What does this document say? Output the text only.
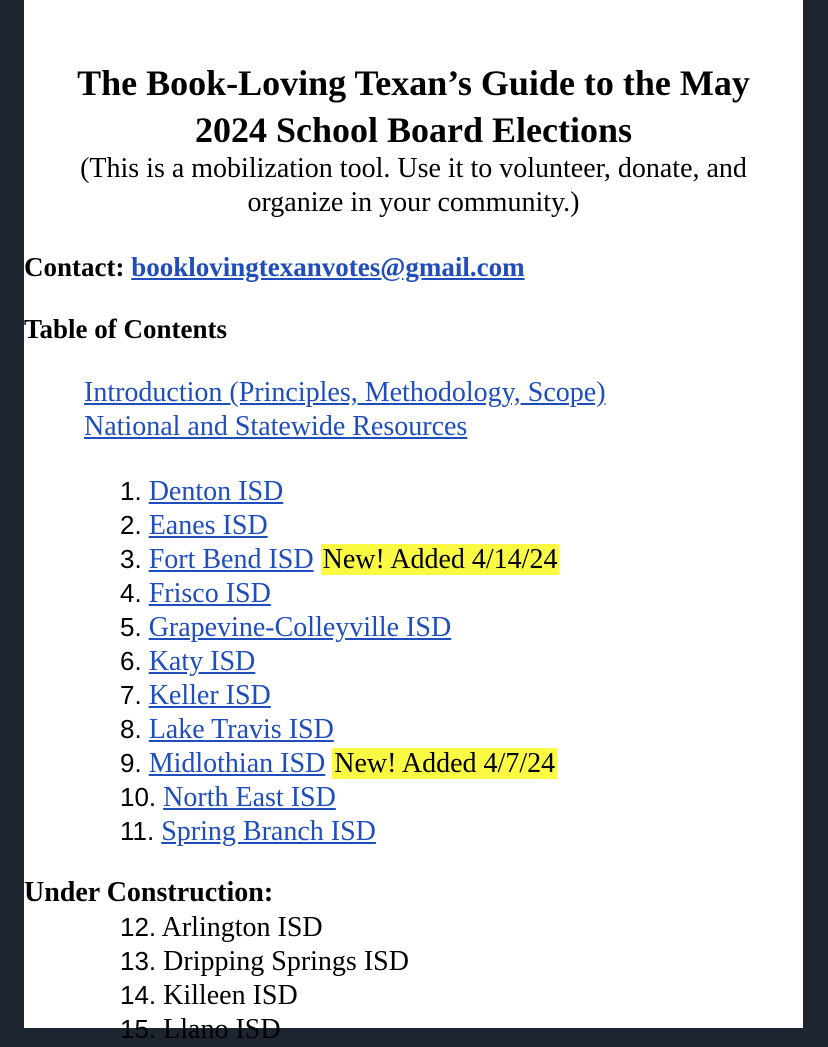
The Book-Loving Texan’s Guide to the May
2024 School Board Elections
(This is a mobilization tool. Use it to volunteer, donate, and
organize in your community.)
Contact: booklovingtexanvotes@gmail.com
Table of Contents
Introduction (Principles, Methodology, Scope)
National and Statewide Resources
1. Denton ISD
2. Eanes ISD
3. Fort Bend ISD New! Added 4/14/24
4. Frisco ISD
5. Grapevine-Colleyville ISD
6. Katy ISD
7. Keller ISD
8. Lake Travis ISD
9. Midlothian ISD New! Added 4/7/24
10. North East ISD
11. Spring Branch ISD
Under Construction:
12. Arlington ISD
13. Dripping Springs ISD
14. Killeen ISD
15. Llano ISD
